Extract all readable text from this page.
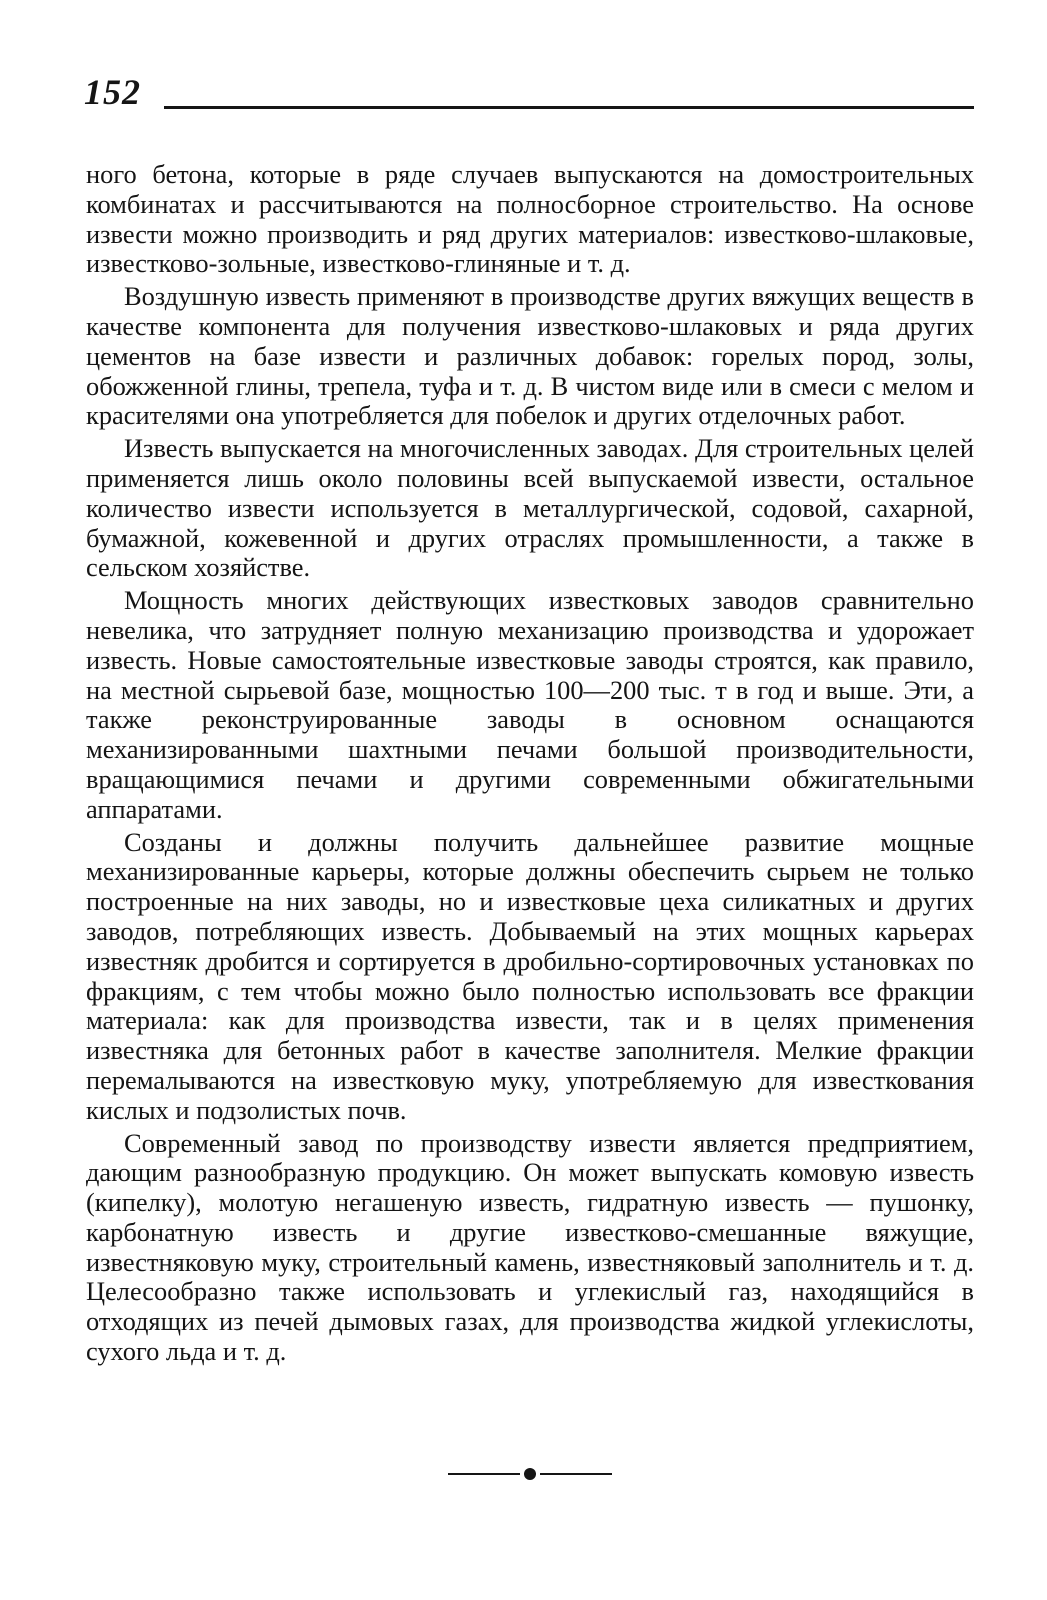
152

ного бетона, которые в ряде случаев выпускаются на домостроительных комбинатах и рассчитываются на полносборное строительство. На основе извести можно производить и ряд других материалов: известково-шлаковые, известково-зольные, известково-глиняные и т. д.

Воздушную известь применяют в производстве других вяжущих веществ в качестве компонента для получения известково-шлаковых и ряда других цементов на базе извести и различных добавок: горелых пород, золы, обожженной глины, трепела, туфа и т. д. В чистом виде или в смеси с мелом и красителями она употребляется для побелок и других отделочных работ.

Известь выпускается на многочисленных заводах. Для строительных целей применяется лишь около половины всей выпускаемой извести, остальное количество извести используется в металлургической, содовой, сахарной, бумажной, кожевенной и других отраслях промышленности, а также в сельском хозяйстве.

Мощность многих действующих известковых заводов сравнительно невелика, что затрудняет полную механизацию производства и удорожает известь. Новые самостоятельные известковые заводы строятся, как правило, на местной сырьевой базе, мощностью 100—200 тыс. т в год и выше. Эти, а также реконструированные заводы в основном оснащаются механизированными шахтными печами большой производительности, вращающимися печами и другими современными обжигательными аппаратами.

Созданы и должны получить дальнейшее развитие мощные механизированные карьеры, которые должны обеспечить сырьем не только построенные на них заводы, но и известковые цеха силикатных и других заводов, потребляющих известь. Добываемый на этих мощных карьерах известняк дробится и сортируется в дробильно-сортировочных установках по фракциям, с тем чтобы можно было полностью использовать все фракции материала: как для производства извести, так и в целях применения известняка для бетонных работ в качестве заполнителя. Мелкие фракции перемалываются на известковую муку, употребляемую для известкования кислых и подзолистых почв.

Современный завод по производству извести является предприятием, дающим разнообразную продукцию. Он может выпускать комовую известь (кипелку), молотую негашеную известь, гидратную известь — пушонку, карбонатную известь и другие известково-смешанные вяжущие, известняковую муку, строительный камень, известняковый заполнитель и т. д. Целесообразно также использовать и углекислый газ, находящийся в отходящих из печей дымовых газах, для производства жидкой углекислоты, сухого льда и т. д.
